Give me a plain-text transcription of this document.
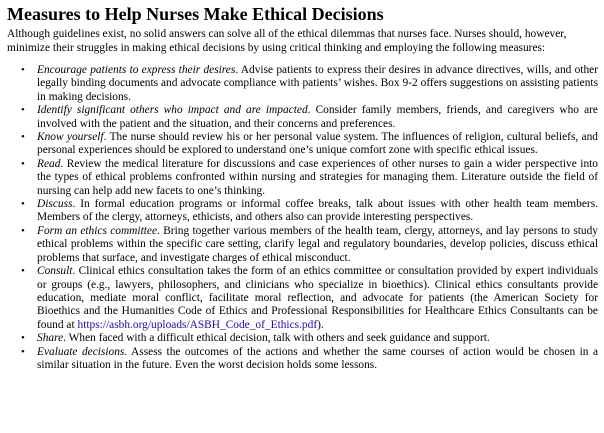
Measures to Help Nurses Make Ethical Decisions

Although guidelines exist, no solid answers can solve all of the ethical dilemmas that nurses face. Nurses should, however, minimize their struggles in making ethical decisions by using critical thinking and employing the following measures:

• Encourage patients to express their desires. Advise patients to express their desires in advance directives, wills, and other legally binding documents and advocate compliance with patients’ wishes. Box 9-2 offers suggestions on assisting patients in making decisions.
• Identify significant others who impact and are impacted. Consider family members, friends, and caregivers who are involved with the patient and the situation, and their concerns and preferences.
• Know yourself. The nurse should review his or her personal value system. The influences of religion, cultural beliefs, and personal experiences should be explored to understand one’s unique comfort zone with specific ethical issues.
• Read. Review the medical literature for discussions and case experiences of other nurses to gain a wider perspective into the types of ethical problems confronted within nursing and strategies for managing them. Literature outside the field of nursing can help add new facets to one’s thinking.
• Discuss. In formal education programs or informal coffee breaks, talk about issues with other health team members. Members of the clergy, attorneys, ethicists, and others also can provide interesting perspectives.
• Form an ethics committee. Bring together various members of the health team, clergy, attorneys, and lay persons to study ethical problems within the specific care setting, clarify legal and regulatory boundaries, develop policies, discuss ethical problems that surface, and investigate charges of ethical misconduct.
• Consult. Clinical ethics consultation takes the form of an ethics committee or consultation provided by expert individuals or groups (e.g., lawyers, philosophers, and clinicians who specialize in bioethics). Clinical ethics consultants provide education, mediate moral conflict, facilitate moral reflection, and advocate for patients (the American Society for Bioethics and the Humanities Code of Ethics and Professional Responsibilities for Healthcare Ethics Consultants can be found at https://asbh.org/uploads/ASBH_Code_of_Ethics.pdf).
• Share. When faced with a difficult ethical decision, talk with others and seek guidance and support.
• Evaluate decisions. Assess the outcomes of the actions and whether the same courses of action would be chosen in a similar situation in the future. Even the worst decision holds some lessons.
